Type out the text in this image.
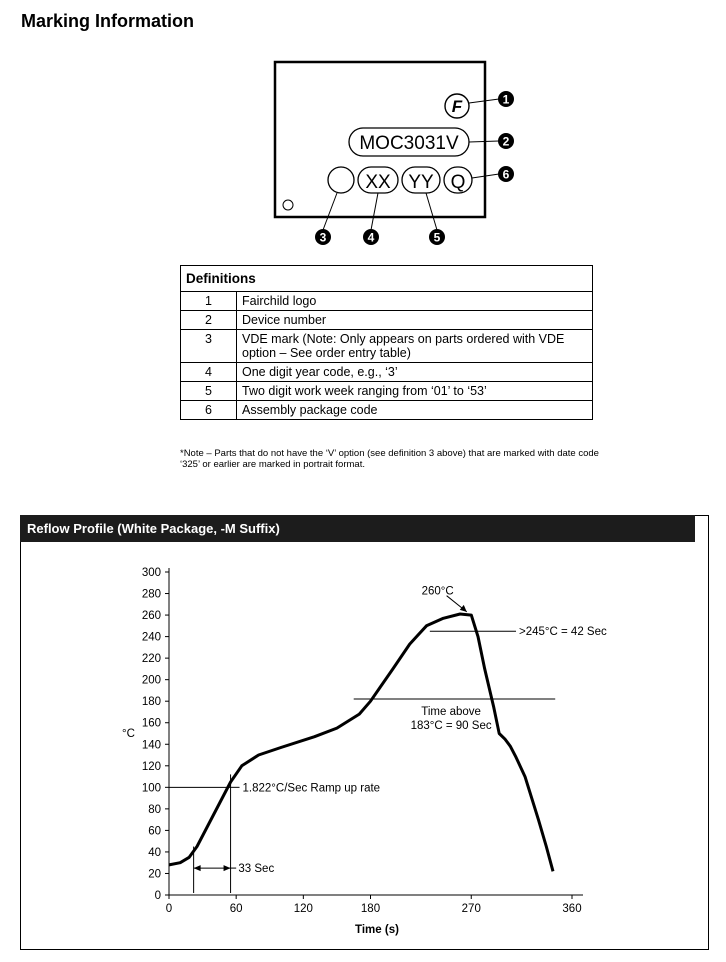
Marking Information
F
MOC3031V
XX YY Q
1
2
3	4	5
6
Definitions	
1	Fairchild logo
2	Device number
3	VDE mark (Note: Only appears on parts ordered with VDE option – See order entry table)
4	One digit year code, e.g., ‘3’
5	Two digit work week ranging from ‘01’ to ‘53’
6	Assembly package code
*Note – Parts that do not have the ‘V’ option (see definition 3 above) that are marked with date code ‘325’ or earlier are marked in portrait format.
Reflow Profile (White Package, -M Suffix)
0
20
40
60
80
100
120
140
160
180
200
220
240
260
280
300
0	60	120	180	270	360
1.822°C/Sec Ramp up rate
33 Sec
Time above
183°C = 90 Sec
>245°C = 42 Sec
260°C
°C
Time (s)
